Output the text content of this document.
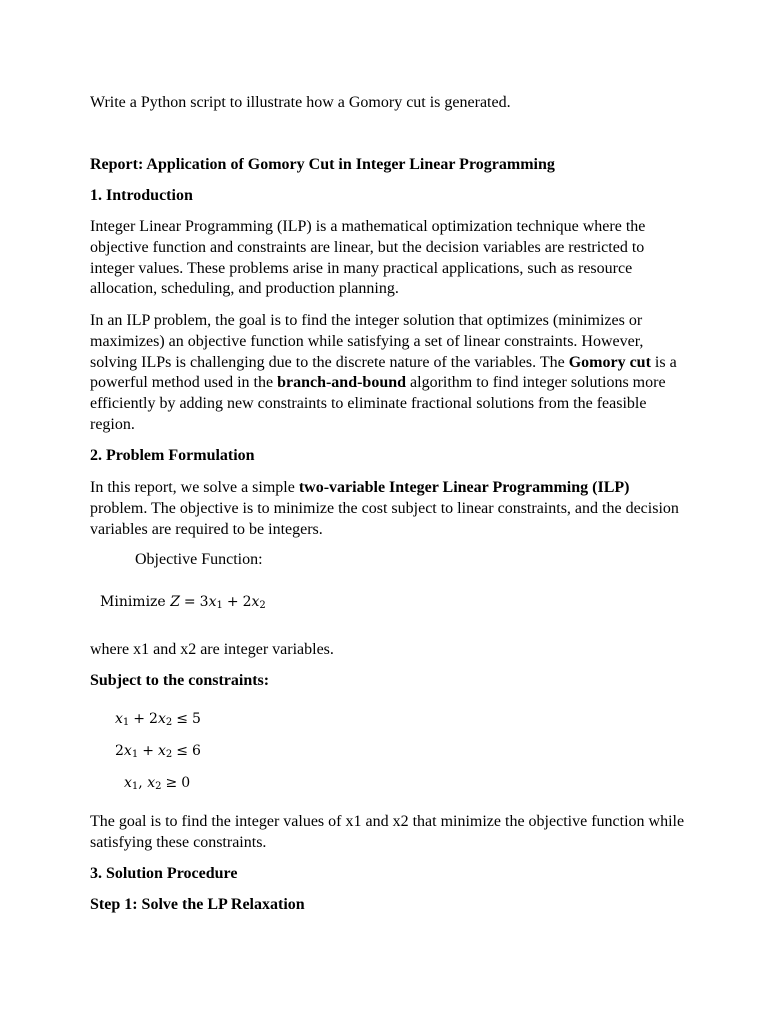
Write a Python script to illustrate how a Gomory cut is generated.

Report: Application of Gomory Cut in Integer Linear Programming

1. Introduction

Integer Linear Programming (ILP) is a mathematical optimization technique where the objective function and constraints are linear, but the decision variables are restricted to integer values. These problems arise in many practical applications, such as resource allocation, scheduling, and production planning.

In an ILP problem, the goal is to find the integer solution that optimizes (minimizes or maximizes) an objective function while satisfying a set of linear constraints. However, solving ILPs is challenging due to the discrete nature of the variables. The Gomory cut is a powerful method used in the branch-and-bound algorithm to find integer solutions more efficiently by adding new constraints to eliminate fractional solutions from the feasible region.

2. Problem Formulation

In this report, we solve a simple two-variable Integer Linear Programming (ILP) problem. The objective is to minimize the cost subject to linear constraints, and the decision variables are required to be integers.

Objective Function:

Minimize $Z = 3x_1 + 2x_2$

where x1 and x2 are integer variables.

Subject to the constraints:

$x_1 + 2x_2 \le 5$
$2x_1 + x_2 \le 6$
$x_1$, $x_2 \ge 0$

The goal is to find the integer values of x1 and x2 that minimize the objective function while satisfying these constraints.

3. Solution Procedure

Step 1: Solve the LP Relaxation
